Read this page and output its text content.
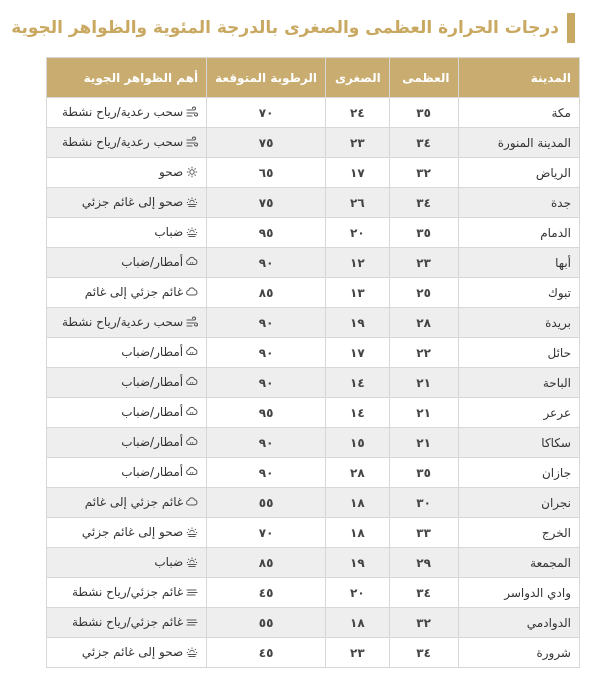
درجات الحرارة العظمى والصغرى بالدرجة المئوية والظواهر الجوية
المدينة	العظمى	الصغرى	الرطوبة المتوقعة	أهم الظواهر الجوية
مكة	٣٥	٢٤	٧٠	سحب رعدية/رياح نشطة

المدينة المنورة	٣٤	٢٣	٧٥	سحب رعدية/رياح نشطة

الرياض	٣٢	١٧	٦٥	صحو

جدة	٣٤	٢٦	٧٥	صحو إلى غائم جزئي

الدمام	٣٥	٢٠	٩٥	ضباب

أبها	٢٣	١٢	٩٠	أمطار/ضباب

تبوك	٢٥	١٣	٨٥	غائم جزئي إلى غائم

بريدة	٢٨	١٩	٩٠	سحب رعدية/رياح نشطة

حائل	٢٢	١٧	٩٠	أمطار/ضباب

الباحة	٢١	١٤	٩٠	أمطار/ضباب

عرعر	٢١	١٤	٩٥	أمطار/ضباب

سكاكا	٢١	١٥	٩٠	أمطار/ضباب

جازان	٣٥	٢٨	٩٠	أمطار/ضباب

نجران	٣٠	١٨	٥٥	غائم جزئي إلى غائم

الخرج	٣٣	١٨	٧٠	صحو إلى غائم جزئي

المجمعة	٢٩	١٩	٨٥	ضباب

وادي الدواسر	٣٤	٢٠	٤٥	غائم جزئي/رياح نشطة

الدوادمي	٣٢	١٨	٥٥	غائم جزئي/رياح نشطة

شرورة	٣٤	٢٣	٤٥	صحو إلى غائم جزئي
